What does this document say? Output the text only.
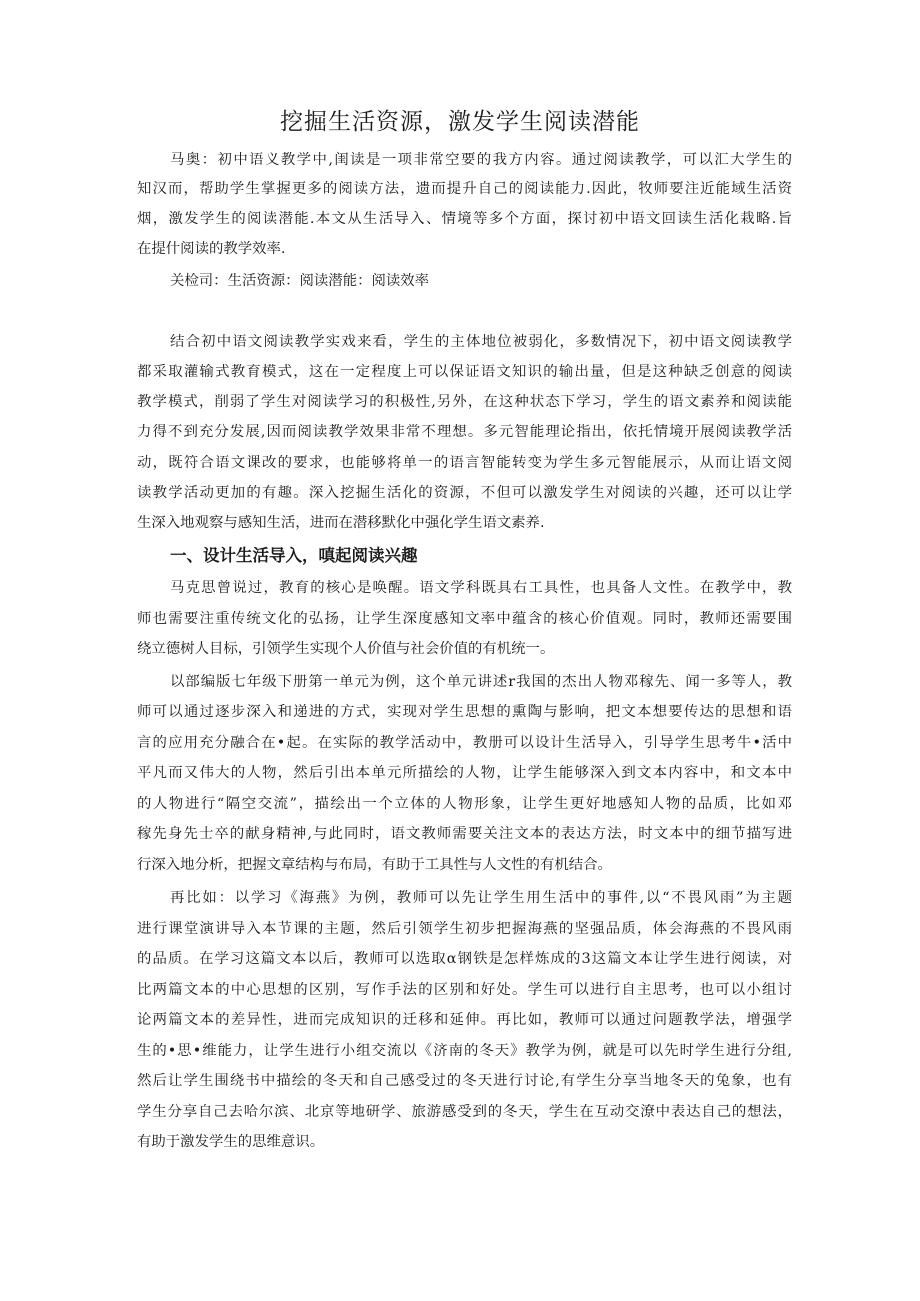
挖掘生活资源，激发学生阅读潜能
马奥：初中语义教学中,闺读是一项非常空要的我方内容。通过阅读教学，可以汇大学生的
知汉而，帮助学生掌握更多的阅读方法，遗而提升自己的阅读能力.因此，牧师要注近能域生活资
烟，激发学生的阅读潜能.本文从生活导入、情境等多个方面，探讨初中语文回读生活化栽略.旨
在提什阅读的教学效率.
关检司：生活资源：阅读潜能：阅读效率
结合初中语文阅读教学实戏来看，学生的主体地位被弱化，多数情况下，初中语文阅读教学
都采取灌输式教育模式，这在一定程度上可以保证语文知识的输出量，但是这种缺乏创意的阅读
教学模式，削弱了学生对阅读学习的积极性,另外，在这种状态下学习，学生的语文素养和阅读能
力得不到充分发展,因而阅读教学效果非常不理想。多元智能理论指出，依托情境开展阅读教学活
动，既符合语文课改的要求，也能够将单一的语言智能转变为学生多元智能展示，从而让语文阅
读教学活动更加的有趣。深入挖掘生活化的资源，不但可以激发学生对阅读的兴趣，还可以让学
生深入地观察与感知生活，进而在潜移默化中强化学生语文素养.
一、设计生活导入，嗔起阅读兴趣
马克思曾说过，教育的核心是唤醒。语文学科既具右工具性，也具备人文性。在教学中，教
师也需要注重传统文化的弘扬，让学生深度感知文率中蕴含的核心价值观。同时，教师还需要围
绕立德树人目标，引领学生实现个人价值与社会价值的有机统一。
以部编版七年级下册第一单元为例，这个单元讲述r我国的杰出人物邓稼先、闻一多等人，教
师可以通过逐步深入和递进的方式，实现对学生思想的熏陶与影响，把文本想要传达的思想和语
言的应用充分融合在•起。在实际的教学活动中，教册可以设计生活导入，引导学生思考牛•活中
平凡而又伟大的人物，然后引出本单元所描绘的人物，让学生能够深入到文本内容中，和文本中
的人物进行“隔空交流”，描绘出一个立体的人物形象，让学生更好地感知人物的品质，比如邓
稼先身先士卒的献身精神,与此同时，语文教师需要关注文本的表达方法，时文本中的细节描写进
行深入地分析，把握文章结构与布局，有助于工具性与人文性的有机结合。
再比如：以学习《海燕》为例，教师可以先让学生用生活中的事件,以“不畏风雨”为主题
进行课堂演讲导入本节课的主题，然后引领学生初步把握海燕的坚强品质，体会海燕的不畏风雨
的品质。在学习这篇文本以后，教师可以选取α钢铁是怎样炼成的3这篇文本让学生进行阅读，对
比两篇文本的中心思想的区别，写作手法的区别和好处。学生可以进行自主思考，也可以小组讨
论两篇文本的差异性，进而完成知识的迁移和延伸。再比如，教师可以通过问题教学法，增强学
生的•思•维能力，让学生进行小组交流以《济南的冬天》教学为例，就是可以先时学生进行分组,
然后让学生围绕书中描绘的冬天和自己感受过的冬天进行讨论,有学生分享当地冬天的兔象，也有
学生分享自己去哈尔滨、北京等地研学、旅游感受到的冬天，学生在互动交潦中表达自己的想法，
有助于激发学生的思维意识。
